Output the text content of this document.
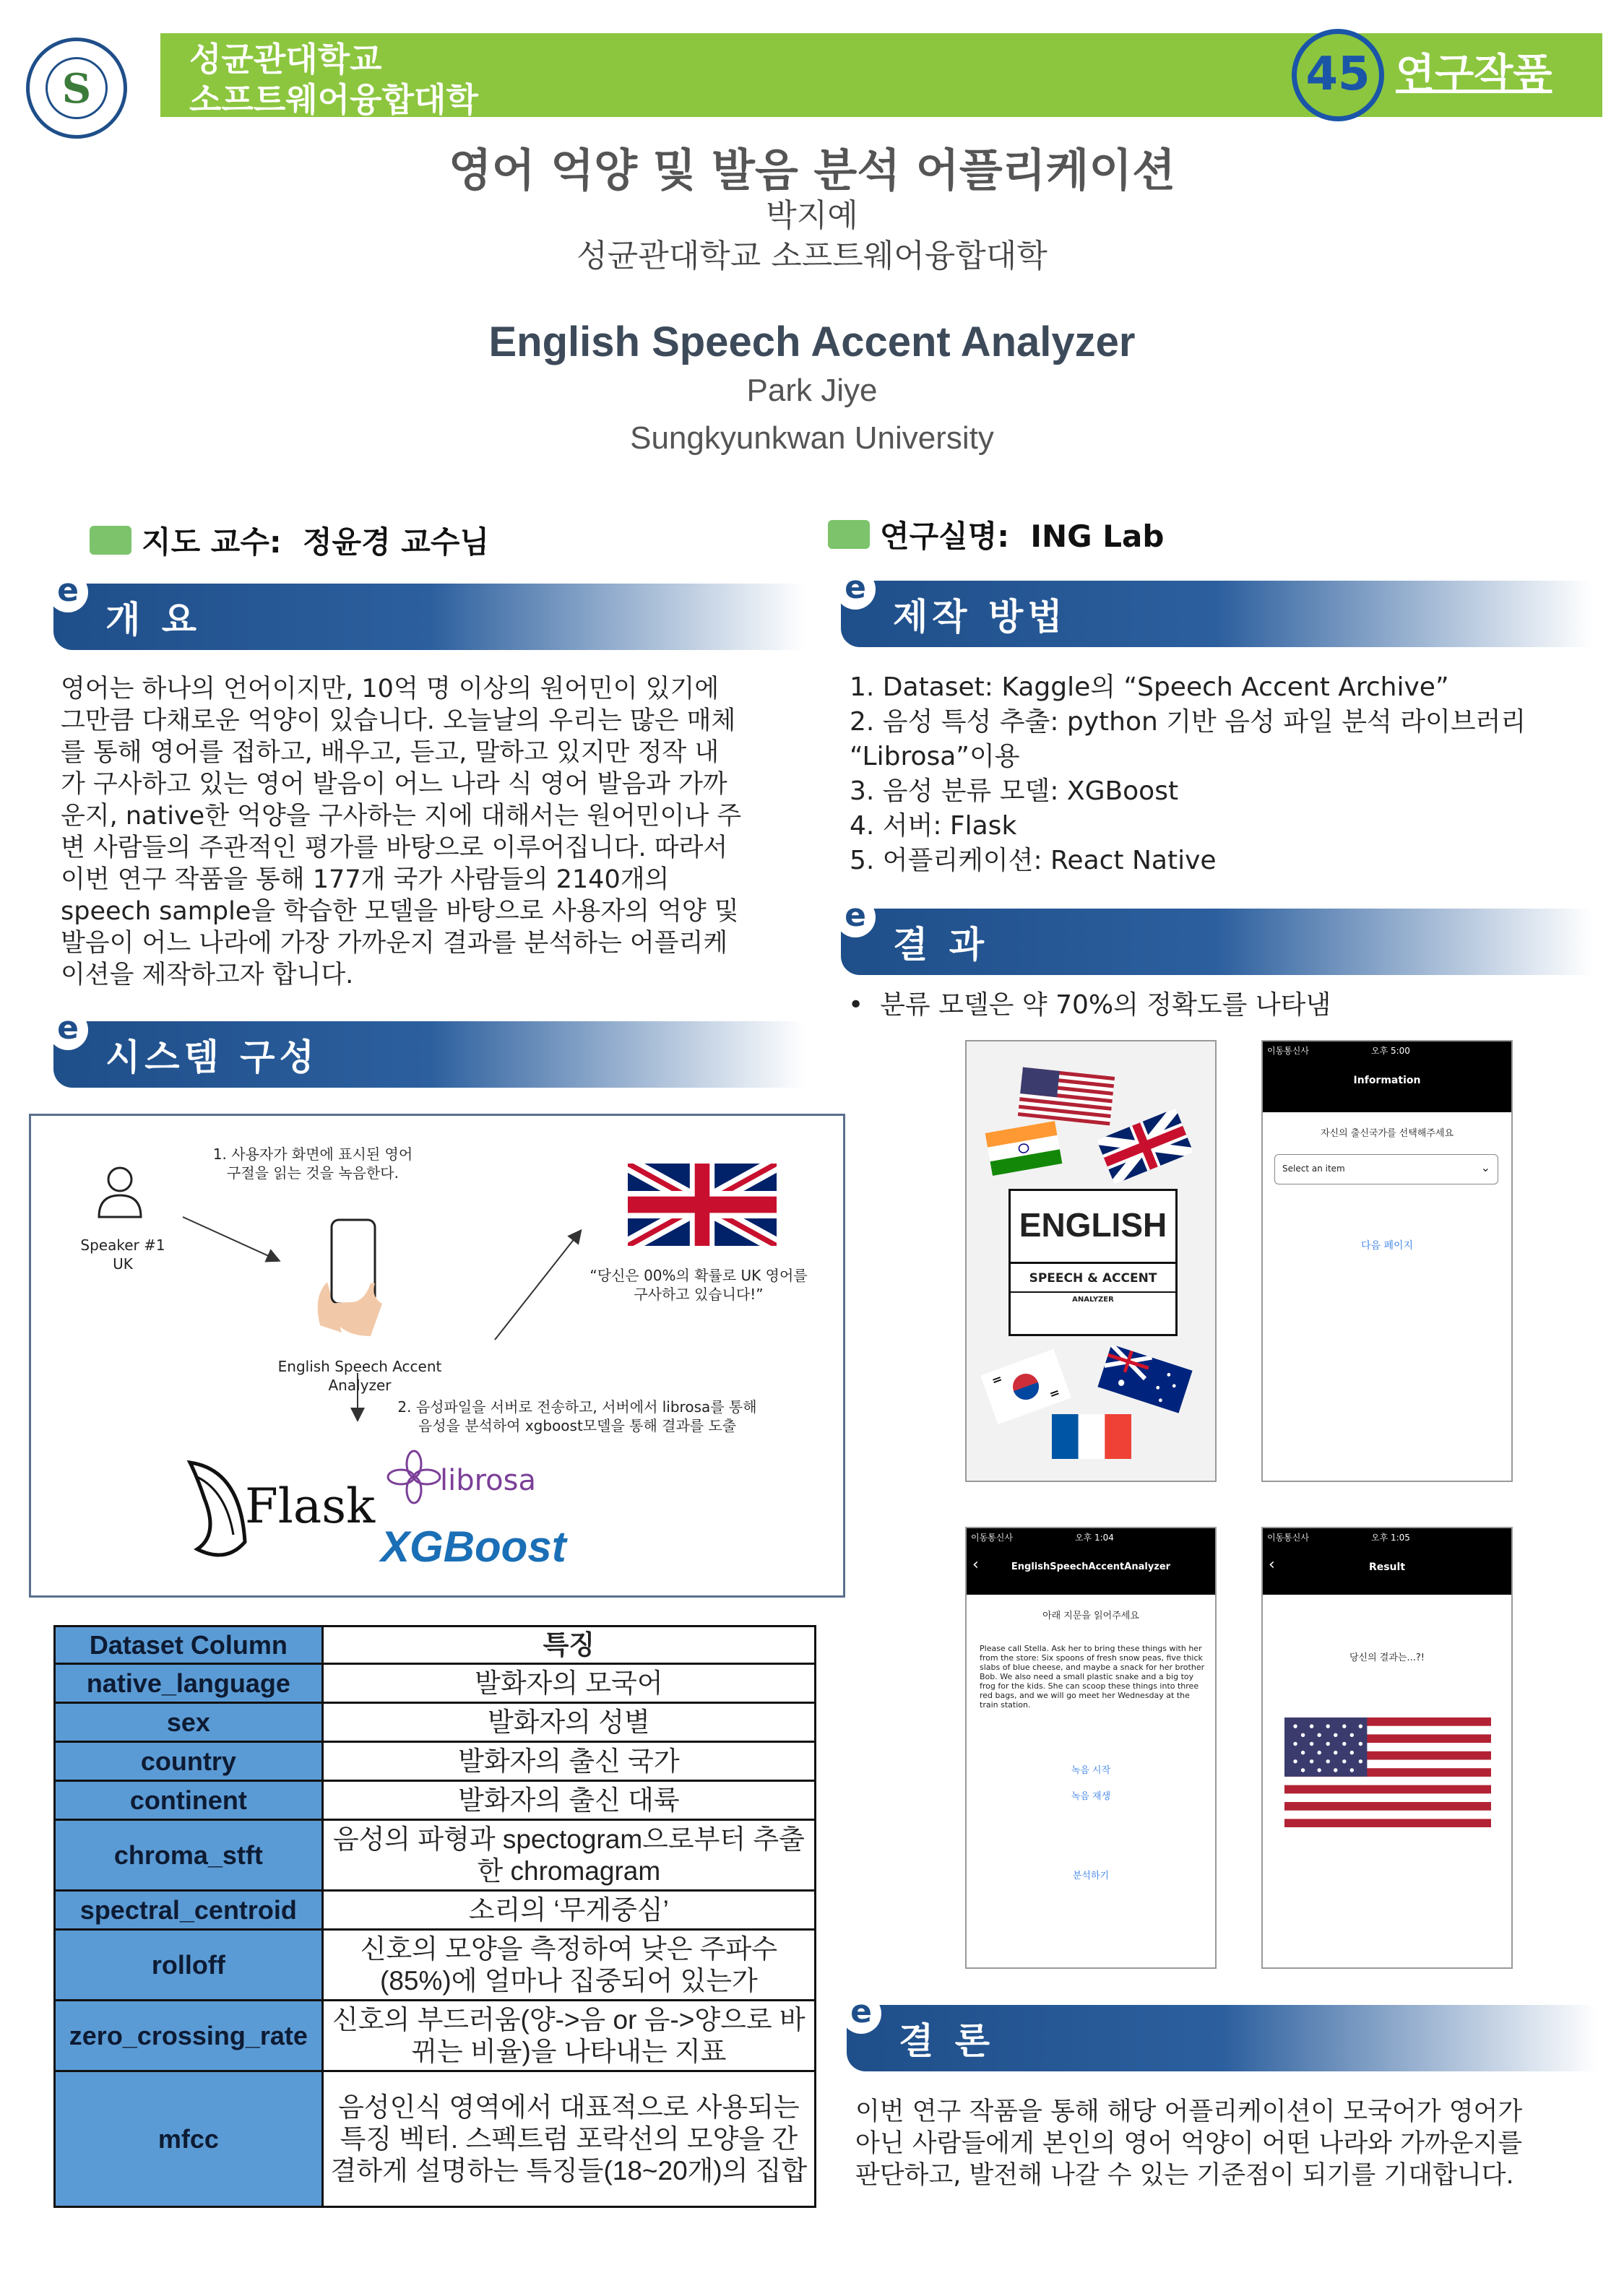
S
성균관대학교
소프트웨어융합대학	45 연구작품
영어 억양 및 발음 분석 어플리케이션
박지예
성균관대학교 소프트웨어융합대학
English Speech Accent Analyzer
Park Jiye
Sungkyunkwan University
지도 교수: 정윤경 교수님	연구실명: ING Lab
e
개 요
영어는 하나의 언어이지만, 10억 명 이상의 원어민이 있기에
그만큼 다채로운 억양이 있습니다. 오늘날의 우리는 많은 매체
를 통해 영어를 접하고, 배우고, 듣고, 말하고 있지만 정작 내
가 구사하고 있는 영어 발음이 어느 나라 식 영어 발음과 가까
운지, native한 억양을 구사하는 지에 대해서는 원어민이나 주
변 사람들의 주관적인 평가를 바탕으로 이루어집니다. 따라서
이번 연구 작품을 통해 177개 국가 사람들의 2140개의
speech sample을 학습한 모델을 바탕으로 사용자의 억양 및
발음이 어느 나라에 가장 가까운지 결과를 분석하는 어플리케
이션을 제작하고자 합니다.
e
시스템 구성
Speaker #1
UK
1. 사용자가 화면에 표시된 영어
구절을 읽는 것을 녹음한다.
English Speech Accent
Analyzer
“당신은 00%의 확률로 UK 영어를
구사하고 있습니다!”
2. 음성파일을 서버로 전송하고, 서버에서 librosa를 통해
음성을 분석하여 xgboost모델을 통해 결과를 도출
Flask librosa
XGBoost
Dataset Column	특징
native_language	발화자의 모국어
sex	발화자의 성별
country	발화자의 출신 국가
continent	발화자의 출신 대륙
chroma_stft	음성의 파형과 spectogram으로부터 추출한 chromagram
spectral_centroid	소리의 ‘무게중심’
rolloff	신호의 모양을 측정하여 낮은 주파수(85%)에 얼마나 집중되어 있는가
zero_crossing_rate	신호의 부드러움(양->음 or 음->양으로 바뀌는 비율)을 나타내는 지표
mfcc	음성인식 영역에서 대표적으로 사용되는 특징 벡터. 스펙트럼 포락선의 모양을 간결하게 설명하는 특징들(18~20개)의 집합
e
제작 방법
1. Dataset: Kaggle의 “Speech Accent Archive”
2. 음성 특성 추출: python 기반 음성 파일 분석 라이브러리
“Librosa”이용
3. 음성 분류 모델: XGBoost
4. 서버: Flask
5. 어플리케이션: React Native
e
결 과
•  분류 모델은 약 70%의 정확도를 나타냄
ENGLISH
SPEECH & ACCENT
ANALYZER
이동통신사	오후 5:00
Information
자신의 출신국가를 선택해주세요
Select an item	⌄
다음 페이지
이동통신사	오후 1:04
‹	EnglishSpeechAccentAnalyzer
아래 지문을 읽어주세요
Please call Stella. Ask her to bring these things with her from the store: Six spoons of fresh snow peas, five thick slabs of blue cheese, and maybe a snack for her brother Bob. We also need a small plastic snake and a big toy frog for the kids. She can scoop these things into three red bags, and we will go meet her Wednesday at the train station.
녹음 시작
녹음 재생
분석하기
이동통신사	오후 1:05
‹	Result
당신의 결과는...?!
e
결 론
이번 연구 작품을 통해 해당 어플리케이션이 모국어가 영어가
아닌 사람들에게 본인의 영어 억양이 어떤 나라와 가까운지를
판단하고, 발전해 나갈 수 있는 기준점이 되기를 기대합니다.
